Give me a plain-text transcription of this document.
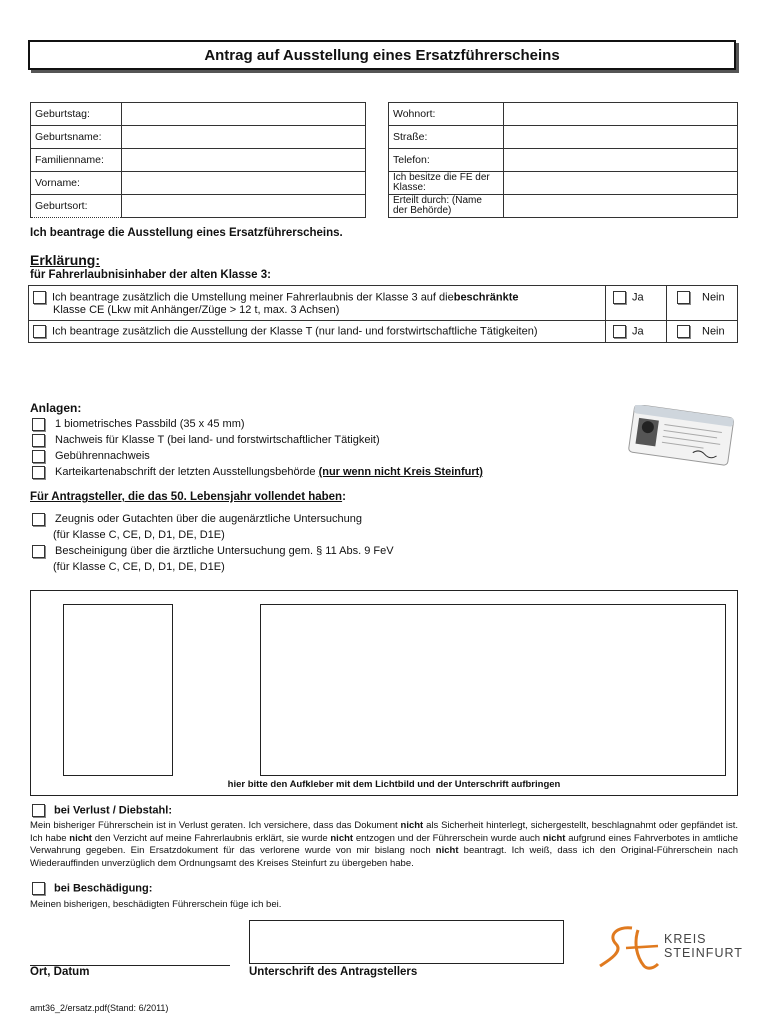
Antrag auf Ausstellung eines Ersatzführerscheins
Geburtstag:	
Geburtsname:	
Familienname:	
Vorname:	
Geburtsort:	
Wohnort:	
Straße:	
Telefon:	
Ich besitze die FE der Klasse:	
Erteilt durch: (Name der Behörde)	
Ich beantrage die Ausstellung eines Ersatzführerscheins.
Erklärung:
für Fahrerlaubnisinhaber der alten Klasse 3:
Ich beantrage zusätzlich die Umstellung meiner Fahrerlaubnis der Klasse 3 auf diebeschränkte
Klasse CE (Lkw mit Anhänger/Züge > 12 t, max. 3 Achsen)	Ja	Nein
Ich beantrage zusätzlich die Ausstellung der Klasse T (nur land- und forstwirtschaftliche Tätigkeiten)	Ja	Nein
Anlagen:
1 biometrisches Passbild (35 x 45 mm)
Nachweis für Klasse T (bei land- und forstwirtschaftlicher Tätigkeit)
Gebührennachweis
Karteikartenabschrift der letzten Ausstellungsbehörde (nur wenn nicht Kreis Steinfurt)
Für Antragsteller, die das 50. Lebensjahr vollendet haben:
Zeugnis oder Gutachten über die augenärztliche Untersuchung
(für Klasse C, CE, D, D1, DE, D1E)
Bescheinigung über die ärztliche Untersuchung gem. § 11 Abs. 9 FeV
(für Klasse C, CE, D, D1, DE, D1E)
hier bitte den Aufkleber mit dem Lichtbild und der Unterschrift aufbringen
bei Verlust / Diebstahl:
Mein bisheriger Führerschein ist in Verlust geraten. Ich versichere, dass das Dokument nicht als Sicherheit hinterlegt, sichergestellt, beschlagnahmt oder gepfändet ist. Ich habe nicht den Verzicht auf meine Fahrerlaubnis erklärt, sie wurde nicht entzogen und der Führerschein wurde auch nicht aufgrund eines Fahrverbotes in amtliche Verwahrung gegeben. Ein Ersatzdokument für das verlorene wurde von mir bislang noch nicht beantragt. Ich weiß, dass ich den Original-Führerschein nach Wiederauffinden unverzüglich dem Ordnungsamt des Kreises Steinfurt zu übergeben habe.
bei Beschädigung:
Meinen bisherigen, beschädigten Führerschein füge ich bei.
Ort, Datum	Unterschrift des Antragstellers
KREIS
STEINFURT
amt36_2/ersatz.pdf(Stand: 6/2011)
